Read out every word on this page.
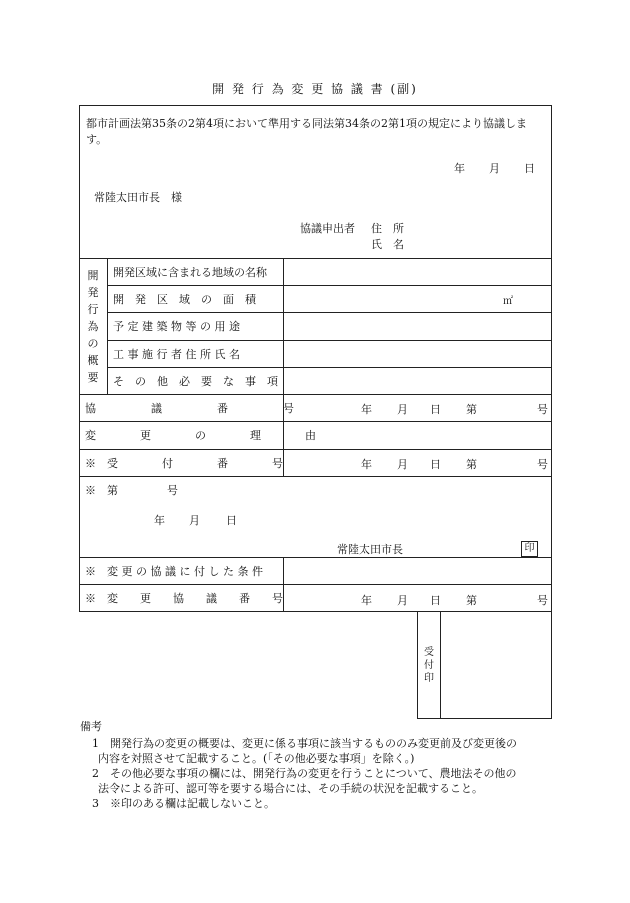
開 発 行 為 変 更 協 議 書 (副)
都市計画法第35条の2第4項において準用する同法第34条の2第1項の規定により協議します。
年 月 日
常陸太田市長　様
協議申出者 住　所
氏　名
開
発
行
為
の
概
要
開発区域に含まれる地域の名称
開　発　区　域　の　面　積	㎡
予 定 建 築 物 等 の 用 途
工 事 施 行 者 住 所 氏 名
そ　の　他　必　要　な　事　項
協　　　　　議　　　　　番　　　　　号	年 月 日 第	号
変　　　　更　　　　の　　　　理　　　　由
※　受　　　　付　　　　番　　　　号	年 月 日 第	号
※　第	号
年 月 日
常陸太田市長	印
※　変 更 の 協 議 に 付 し た 条 件
※　変　　更　　協　　議　　番　　号	年 月 日 第	号
受
付
印
備考
1　開発行為の変更の概要は、変更に係る事項に該当するもののみ変更前及び変更後の
内容を対照させて記載すること。(「その他必要な事項」を除く。)
2　その他必要な事項の欄には、開発行為の変更を行うことについて、農地法その他の
法令による許可、認可等を要する場合には、その手続の状況を記載すること。
3　※印のある欄は記載しないこと。
